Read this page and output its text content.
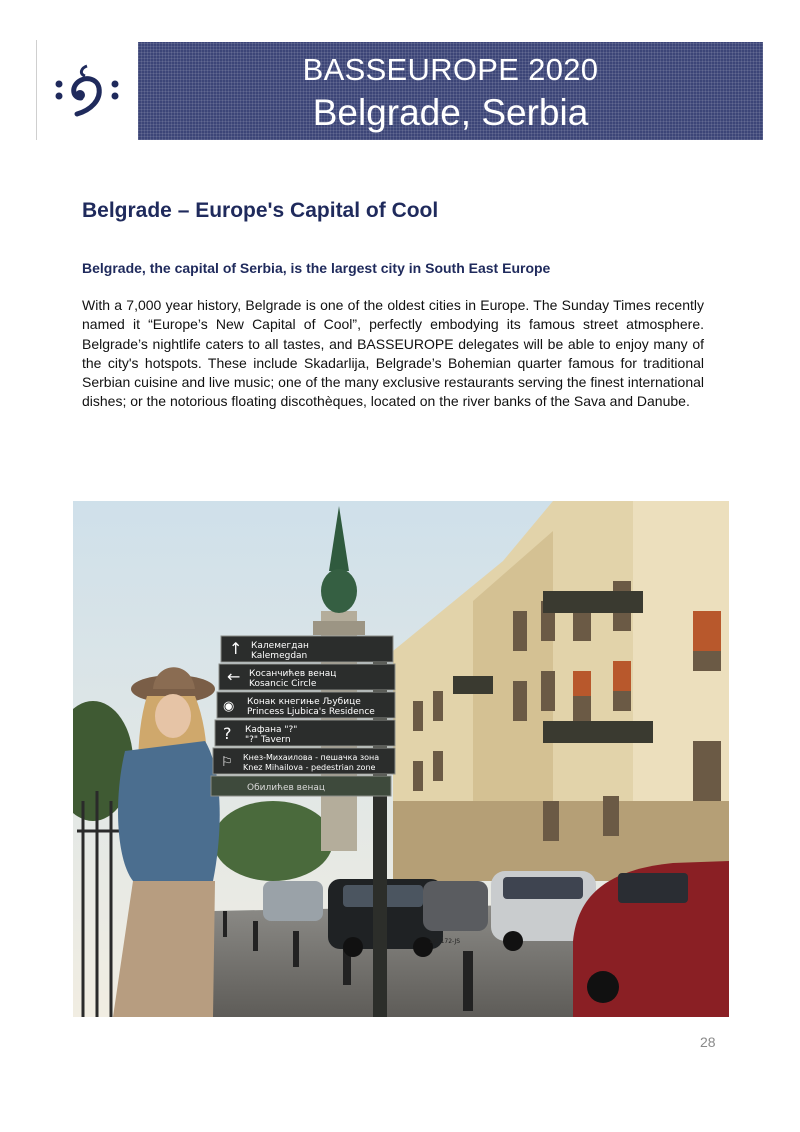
BASSEUROPE 2020
Belgrade, Serbia
Belgrade – Europe's Capital of Cool
Belgrade, the capital of Serbia, is the largest city in South East Europe

With a 7,000 year history, Belgrade is one of the oldest cities in Europe. The Sunday Times recently named it “Europe’s New Capital of Cool”, perfectly embodying its famous street atmosphere. Belgrade’s nightlife caters to all tastes, and BASSEUROPE delegates will be able to enjoy many of the city's hotspots. These include Skadarlija, Belgrade’s Bohemian quarter famous for traditional Serbian cuisine and live music; one of the many exclusive restaurants serving the finest international dishes; or the notorious floating discothèques, located on the river banks of the Sava and Danube.

↑ Калемегдан
Kalemegdan
← Косанчићев венац
Kosancic Circle
◉ Конак кнегиње Љубице
Princess Ljubica's Residence
? Кафана "?"
"?" Tavern
⚐ Кнез-Михаилова - пешачка зона
Knez Mihailova - pedestrian zone
Обилићев венац
BG 172-JS
28
